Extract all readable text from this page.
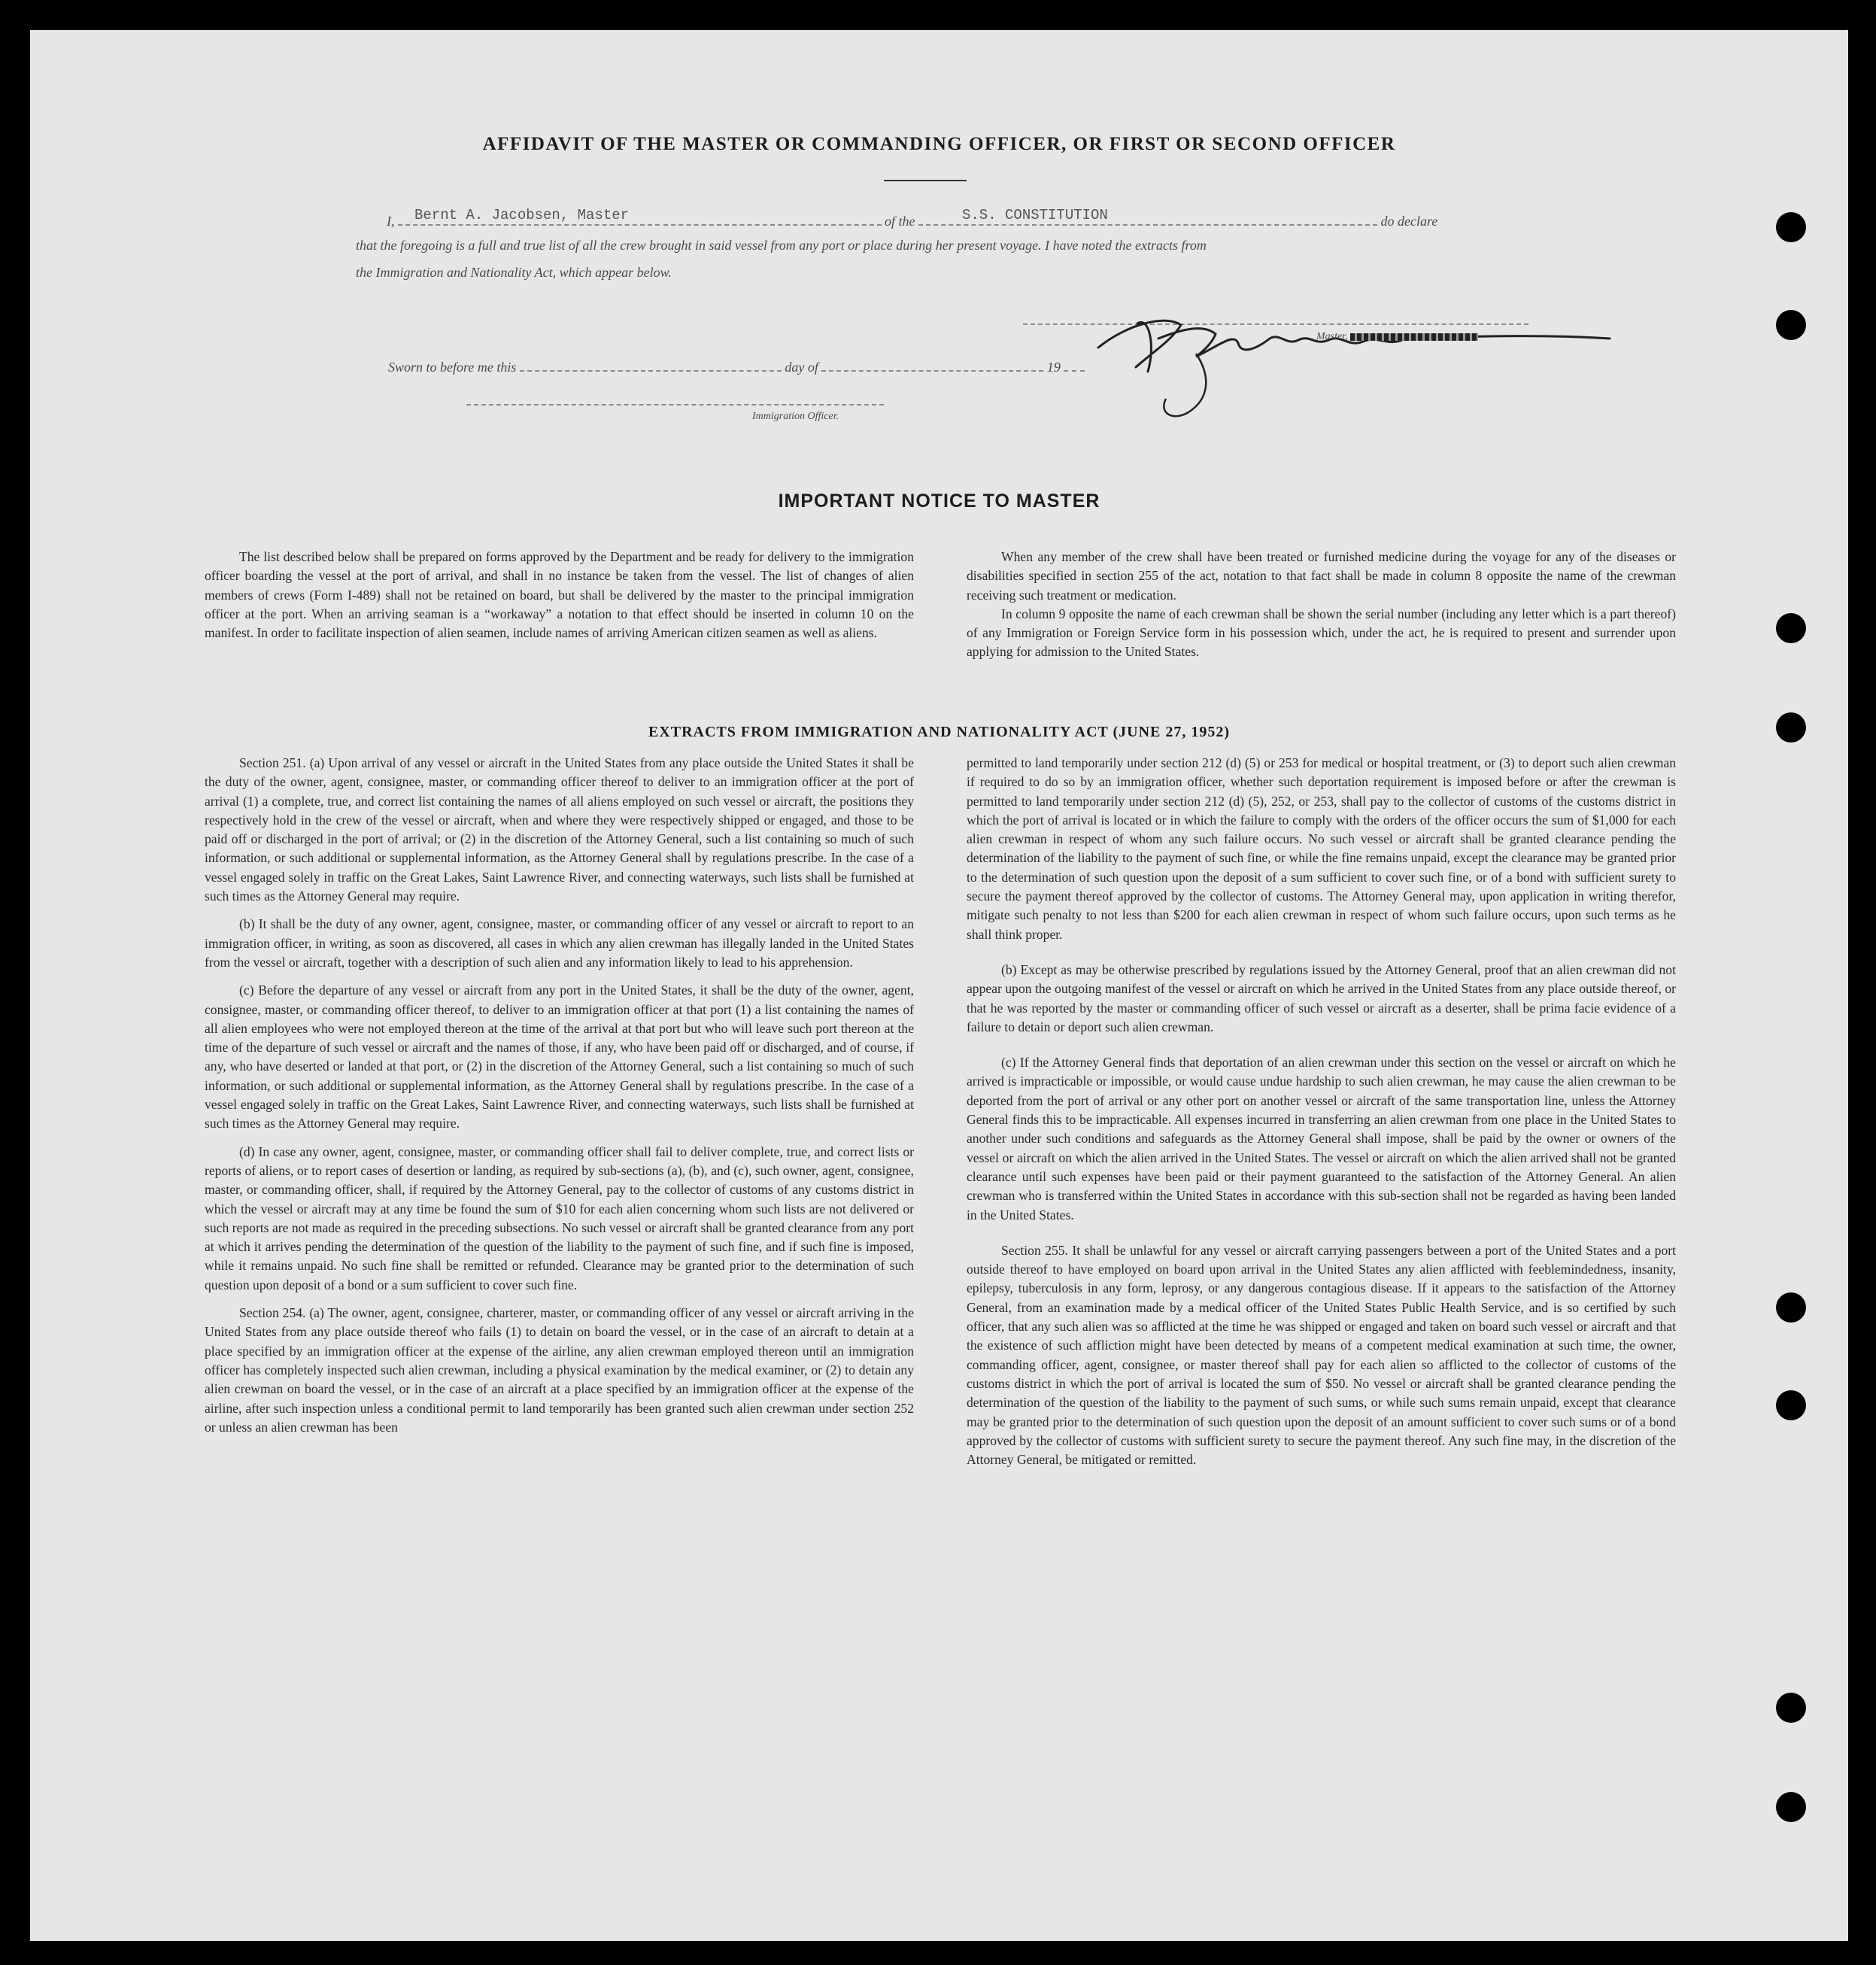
AFFIDAVIT OF THE MASTER OR COMMANDING OFFICER, OR FIRST OR SECOND OFFICER
I, Bernt A. Jacobsen, Master	of the	S.S. CONSTITUTION	do declare
that the foregoing is a full and true list of all the crew brought in said vessel from any port or place during her present voyage. I have noted the extracts from
the Immigration and Nationality Act, which appear below.
Master,
Sworn to before me this	day of	19
Immigration Officer.
IMPORTANT NOTICE TO MASTER

The list described below shall be prepared on forms approved by the Department and be ready for delivery to the immigration officer boarding the vessel at the port of arrival, and shall in no instance be taken from the vessel. The list of changes of alien members of crews (Form I-489) shall not be retained on board, but shall be delivered by the master to the principal immigration officer at the port. When an arriving seaman is a “workaway” a notation to that effect should be inserted in column 10 on the manifest. In order to facilitate inspection of alien seamen, include names of arriving American citizen seamen as well as aliens.

When any member of the crew shall have been treated or furnished medicine during the voyage for any of the diseases or disabilities specified in section 255 of the act, notation to that fact shall be made in column 8 opposite the name of the crewman receiving such treatment or medication.

In column 9 opposite the name of each crewman shall be shown the serial number (including any letter which is a part thereof) of any Immigration or Foreign Service form in his possession which, under the act, he is required to present and surrender upon applying for admission to the United States.

EXTRACTS FROM IMMIGRATION AND NATIONALITY ACT (JUNE 27, 1952)

Section 251. (a) Upon arrival of any vessel or aircraft in the United States from any place outside the United States it shall be the duty of the owner, agent, consignee, master, or commanding officer thereof to deliver to an immigration officer at the port of arrival (1) a complete, true, and correct list containing the names of all aliens employed on such vessel or aircraft, the positions they respectively hold in the crew of the vessel or aircraft, when and where they were respectively shipped or engaged, and those to be paid off or discharged in the port of arrival; or (2) in the discretion of the Attorney General, such a list containing so much of such information, or such additional or supplemental information, as the Attorney General shall by regulations prescribe. In the case of a vessel engaged solely in traffic on the Great Lakes, Saint Lawrence River, and connecting waterways, such lists shall be furnished at such times as the Attorney General may require.

(b) It shall be the duty of any owner, agent, consignee, master, or commanding officer of any vessel or aircraft to report to an immigration officer, in writing, as soon as discovered, all cases in which any alien crewman has illegally landed in the United States from the vessel or aircraft, together with a description of such alien and any information likely to lead to his apprehension.

(c) Before the departure of any vessel or aircraft from any port in the United States, it shall be the duty of the owner, agent, consignee, master, or commanding officer thereof, to deliver to an immigration officer at that port (1) a list containing the names of all alien employees who were not employed thereon at the time of the arrival at that port but who will leave such port thereon at the time of the departure of such vessel or aircraft and the names of those, if any, who have been paid off or discharged, and of course, if any, who have deserted or landed at that port, or (2) in the discretion of the Attorney General, such a list containing so much of such information, or such additional or supplemental information, as the Attorney General shall by regulations prescribe. In the case of a vessel engaged solely in traffic on the Great Lakes, Saint Lawrence River, and connecting waterways, such lists shall be furnished at such times as the Attorney General may require.

(d) In case any owner, agent, consignee, master, or commanding officer shall fail to deliver complete, true, and correct lists or reports of aliens, or to report cases of desertion or landing, as required by sub-sections (a), (b), and (c), such owner, agent, consignee, master, or commanding officer, shall, if required by the Attorney General, pay to the collector of customs of any customs district in which the vessel or aircraft may at any time be found the sum of $10 for each alien concerning whom such lists are not delivered or such reports are not made as required in the preceding subsections. No such vessel or aircraft shall be granted clearance from any port at which it arrives pending the determination of the question of the liability to the payment of such fine, and if such fine is imposed, while it remains unpaid. No such fine shall be remitted or refunded. Clearance may be granted prior to the determination of such question upon deposit of a bond or a sum sufficient to cover such fine.

Section 254. (a) The owner, agent, consignee, charterer, master, or commanding officer of any vessel or aircraft arriving in the United States from any place outside thereof who fails (1) to detain on board the vessel, or in the case of an aircraft to detain at a place specified by an immigration officer at the expense of the airline, any alien crewman employed thereon until an immigration officer has completely inspected such alien crewman, including a physical examination by the medical examiner, or (2) to detain any alien crewman on board the vessel, or in the case of an aircraft at a place specified by an immigration officer at the expense of the airline, after such inspection unless a conditional permit to land temporarily has been granted such alien crewman under section 252 or unless an alien crewman has been

permitted to land temporarily under section 212 (d) (5) or 253 for medical or hospital treatment, or (3) to deport such alien crewman if required to do so by an immigration officer, whether such deportation requirement is imposed before or after the crewman is permitted to land temporarily under section 212 (d) (5), 252, or 253, shall pay to the collector of customs of the customs district in which the port of arrival is located or in which the failure to comply with the orders of the officer occurs the sum of $1,000 for each alien crewman in respect of whom any such failure occurs. No such vessel or aircraft shall be granted clearance pending the determination of the liability to the payment of such fine, or while the fine remains unpaid, except the clearance may be granted prior to the determination of such question upon the deposit of a sum sufficient to cover such fine, or of a bond with sufficient surety to secure the payment thereof approved by the collector of customs. The Attorney General may, upon application in writing therefor, mitigate such penalty to not less than $200 for each alien crewman in respect of whom such failure occurs, upon such terms as he shall think proper.

(b) Except as may be otherwise prescribed by regulations issued by the Attorney General, proof that an alien crewman did not appear upon the outgoing manifest of the vessel or aircraft on which he arrived in the United States from any place outside thereof, or that he was reported by the master or commanding officer of such vessel or aircraft as a deserter, shall be prima facie evidence of a failure to detain or deport such alien crewman.

(c) If the Attorney General finds that deportation of an alien crewman under this section on the vessel or aircraft on which he arrived is impracticable or impossible, or would cause undue hardship to such alien crewman, he may cause the alien crewman to be deported from the port of arrival or any other port on another vessel or aircraft of the same transportation line, unless the Attorney General finds this to be impracticable. All expenses incurred in transferring an alien crewman from one place in the United States to another under such conditions and safeguards as the Attorney General shall impose, shall be paid by the owner or owners of the vessel or aircraft on which the alien arrived in the United States. The vessel or aircraft on which the alien arrived shall not be granted clearance until such expenses have been paid or their payment guaranteed to the satisfaction of the Attorney General. An alien crewman who is transferred within the United States in accordance with this sub-section shall not be regarded as having been landed in the United States.

Section 255. It shall be unlawful for any vessel or aircraft carrying passengers between a port of the United States and a port outside thereof to have employed on board upon arrival in the United States any alien afflicted with feeblemindedness, insanity, epilepsy, tuberculosis in any form, leprosy, or any dangerous contagious disease. If it appears to the satisfaction of the Attorney General, from an examination made by a medical officer of the United States Public Health Service, and is so certified by such officer, that any such alien was so afflicted at the time he was shipped or engaged and taken on board such vessel or aircraft and that the existence of such affliction might have been detected by means of a competent medical examination at such time, the owner, commanding officer, agent, consignee, or master thereof shall pay for each alien so afflicted to the collector of customs of the customs district in which the port of arrival is located the sum of $50. No vessel or aircraft shall be granted clearance pending the determination of the question of the liability to the payment of such sums, or while such sums remain unpaid, except that clearance may be granted prior to the determination of such question upon the deposit of an amount sufficient to cover such sums or of a bond approved by the collector of customs with sufficient surety to secure the payment thereof. Any such fine may, in the discretion of the Attorney General, be mitigated or remitted.
